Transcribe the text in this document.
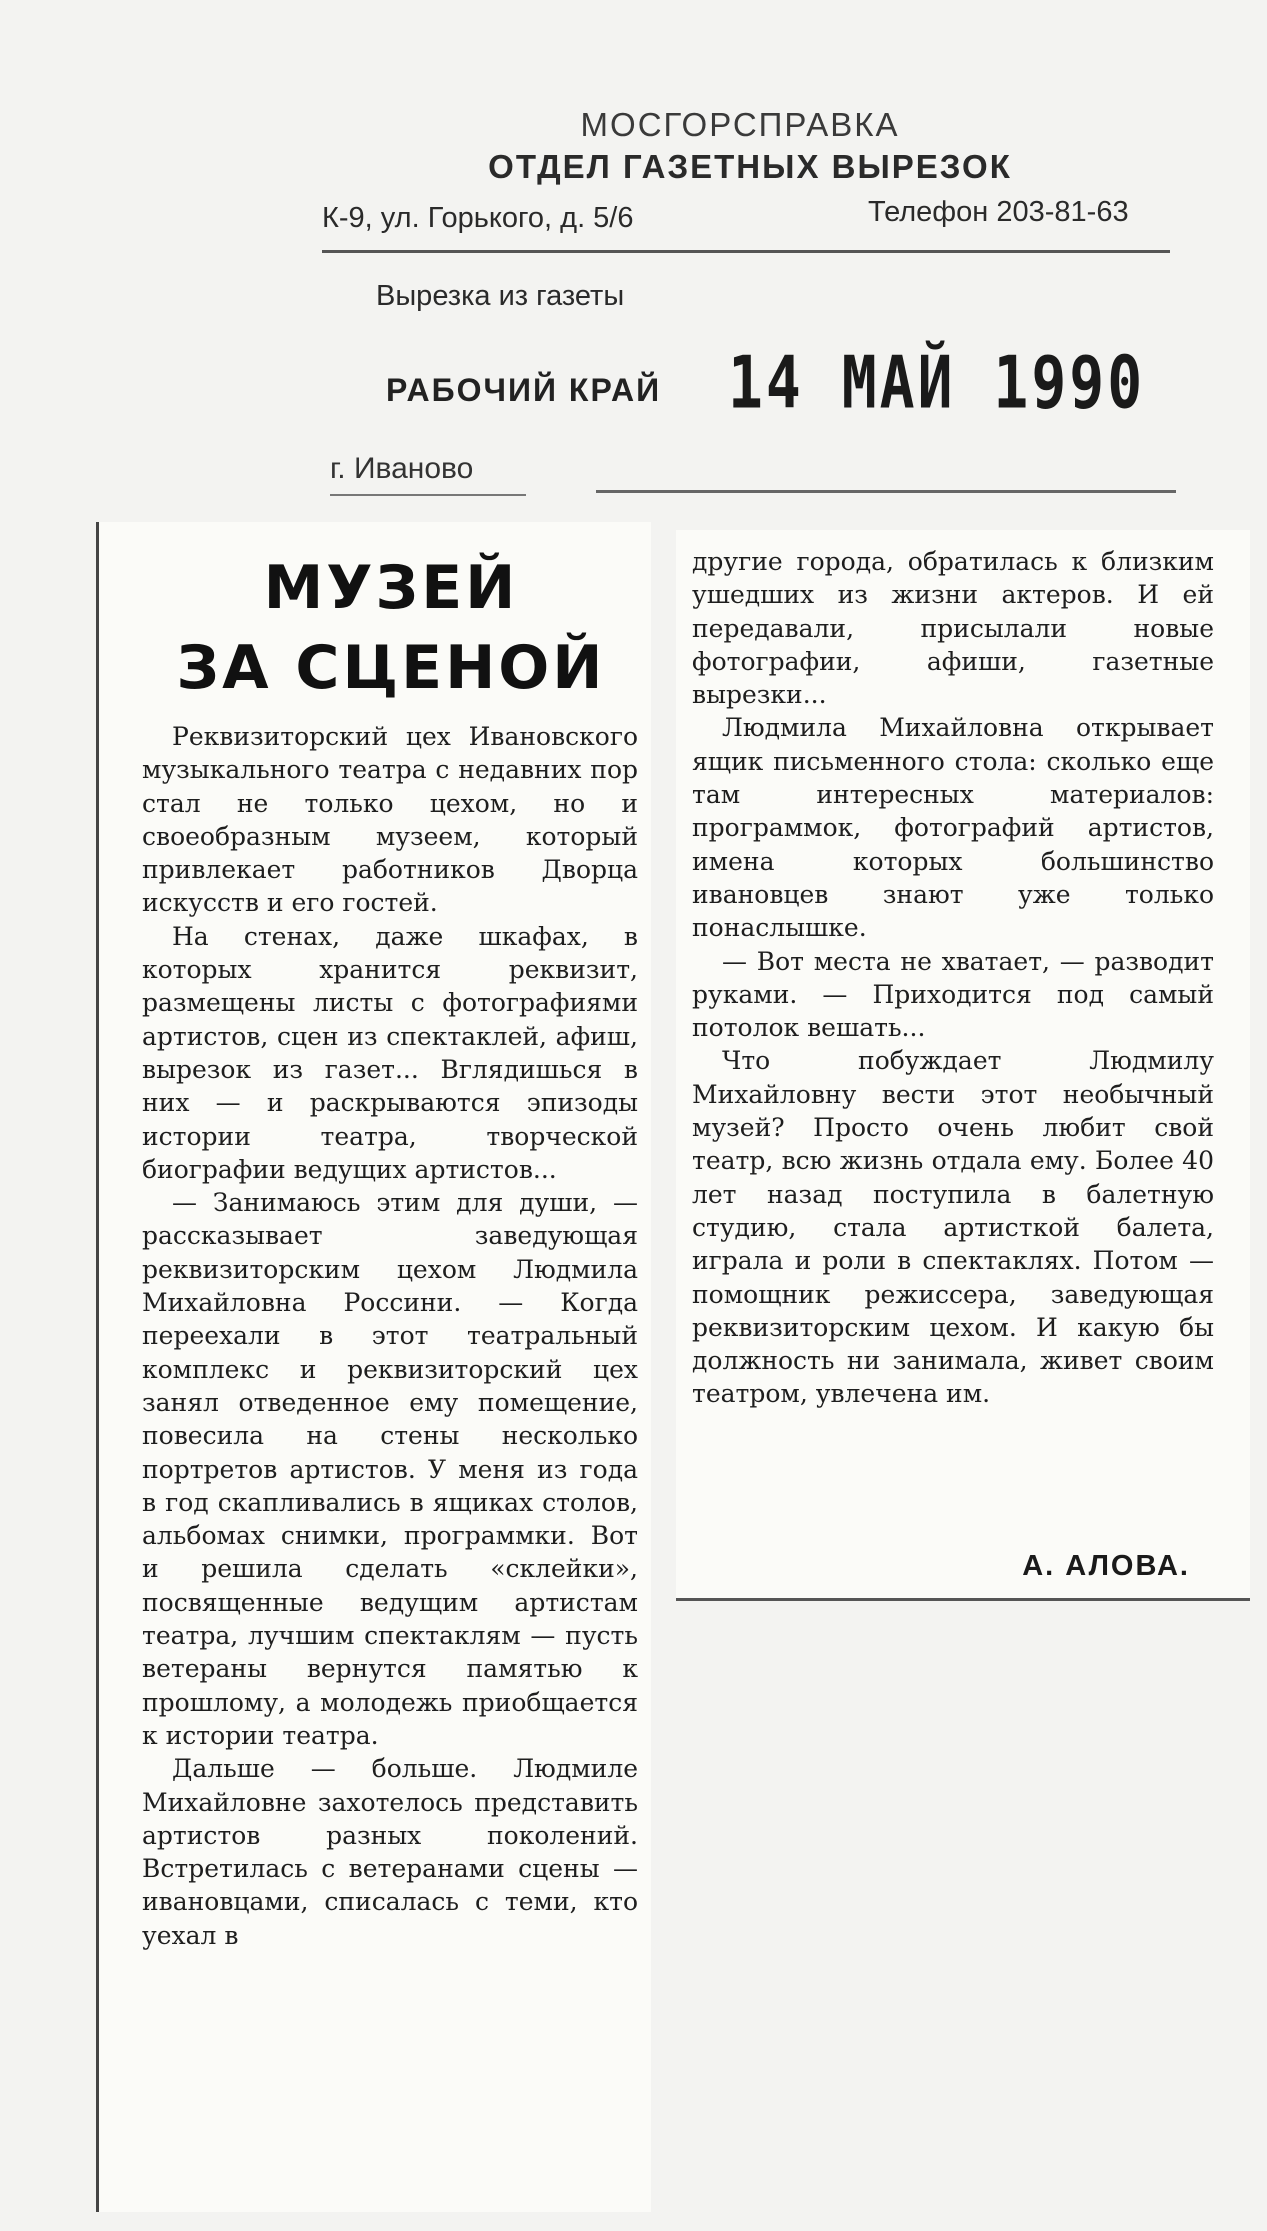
МОСГОРСПРАВКА
ОТДЕЛ ГАЗЕТНЫХ ВЫРЕЗОК
К-9, ул. Горького, д. 5/6	Телефон 203-81-63
Вырезка из газеты
РАБОЧИЙ КРАЙ	14 МАЙ 1990
г. Иваново
МУЗЕЙ
ЗА СЦЕНОЙ

Реквизиторский цех Ивановского музыкального театра с недавних пор стал не только цехом, но и своеобразным музеем, который привлекает работников Дворца искусств и его гостей.

На стенах, даже шкафах, в которых хранится реквизит, размещены листы с фотографиями артистов, сцен из спектаклей, афиш, вырезок из газет... Вглядишься в них — и раскрываются эпизоды истории театра, творческой биографии ведущих артистов...

— Занимаюсь этим для души, — рассказывает заведующая реквизиторским цехом Людмила Михайловна Россини. — Когда переехали в этот театральный комплекс и реквизиторский цех занял отведенное ему помещение, повесила на стены несколько портретов артистов. У меня из года в год скапливались в ящиках столов, альбомах снимки, программки. Вот и решила сделать «склейки», посвященные ведущим артистам театра, лучшим спектаклям — пусть ветераны вернутся памятью к прошлому, а молодежь приобщается к истории театра.

Дальше — больше. Людмиле Михайловне захотелось представить артистов разных поколений. Встретилась с ветеранами сцены — ивановцами, списалась с теми, кто уехал в

другие города, обратилась к близким ушедших из жизни актеров. И ей передавали, присылали новые фотографии, афиши, газетные вырезки...

Людмила Михайловна открывает ящик письменного стола: сколько еще там интересных материалов: программок, фотографий артистов, имена которых большинство ивановцев знают уже только понаслышке.

— Вот места не хватает, — разводит руками. — Приходится под самый потолок вешать...

Что побуждает Людмилу Михайловну вести этот необычный музей? Просто очень любит свой театр, всю жизнь отдала ему. Более 40 лет назад поступила в балетную студию, стала артисткой балета, играла и роли в спектаклях. Потом — помощник режиссера, заведующая реквизиторским цехом. И какую бы должность ни занимала, живет своим театром, увлечена им.

А. АЛОВА.
